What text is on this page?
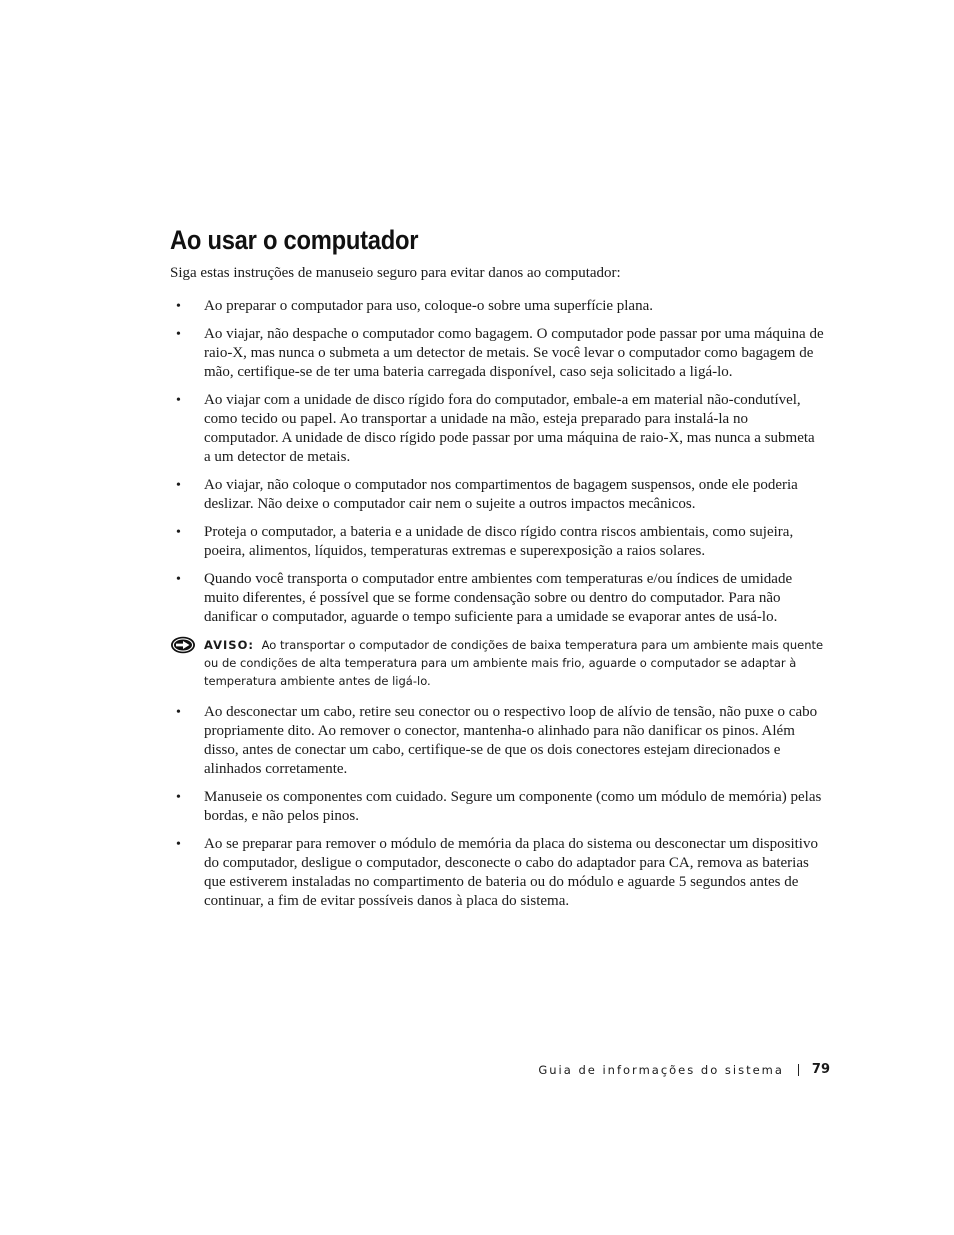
Ao usar o computador

Siga estas instruções de manuseio seguro para evitar danos ao computador:

• Ao preparar o computador para uso, coloque-o sobre uma superfície plana.
• Ao viajar, não despache o computador como bagagem. O computador pode passar por uma máquina de raio-X, mas nunca o submeta a um detector de metais. Se você levar o computador como bagagem de mão, certifique-se de ter uma bateria carregada disponível, caso seja solicitado a ligá-lo.
• Ao viajar com a unidade de disco rígido fora do computador, embale-a em material não-condutível, como tecido ou papel. Ao transportar a unidade na mão, esteja preparado para instalá-la no computador. A unidade de disco rígido pode passar por uma máquina de raio-X, mas nunca a submeta a um detector de metais.
• Ao viajar, não coloque o computador nos compartimentos de bagagem suspensos, onde ele poderia deslizar. Não deixe o computador cair nem o sujeite a outros impactos mecânicos.
• Proteja o computador, a bateria e a unidade de disco rígido contra riscos ambientais, como sujeira, poeira, alimentos, líquidos, temperaturas extremas e superexposição a raios solares.
• Quando você transporta o computador entre ambientes com temperaturas e/ou índices de umidade muito diferentes, é possível que se forme condensação sobre ou dentro do computador. Para não danificar o computador, aguarde o tempo suficiente para a umidade se evaporar antes de usá-lo.
AVISO: Ao transportar o computador de condições de baixa temperatura para um ambiente mais quente ou de condições de alta temperatura para um ambiente mais frio, aguarde o computador se adaptar à temperatura ambiente antes de ligá-lo.
• Ao desconectar um cabo, retire seu conector ou o respectivo loop de alívio de tensão, não puxe o cabo propriamente dito. Ao remover o conector, mantenha-o alinhado para não danificar os pinos. Além disso, antes de conectar um cabo, certifique-se de que os dois conectores estejam direcionados e alinhados corretamente.
• Manuseie os componentes com cuidado. Segure um componente (como um módulo de memória) pelas bordas, e não pelos pinos.
• Ao se preparar para remover o módulo de memória da placa do sistema ou desconectar um dispositivo do computador, desligue o computador, desconecte o cabo do adaptador para CA, remova as baterias que estiverem instaladas no compartimento de bateria ou do módulo e aguarde 5 segundos antes de continuar, a fim de evitar possíveis danos à placa do sistema.
Guia de informações do sistema 79
